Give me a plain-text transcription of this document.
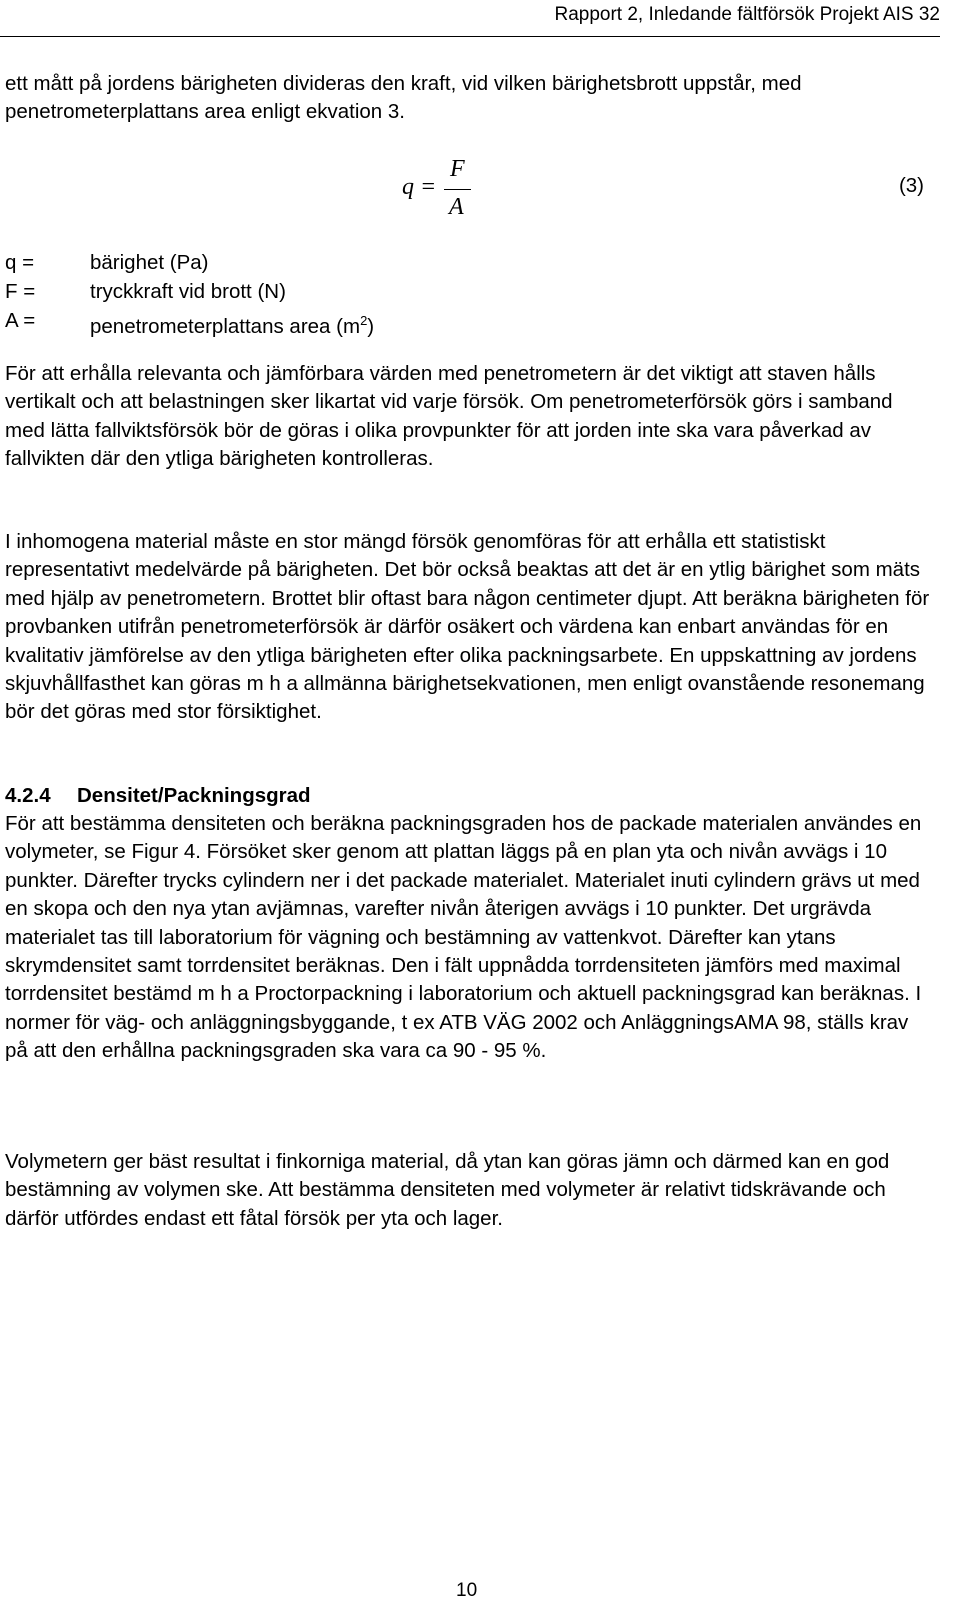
Rapport 2, Inledande fältförsök Projekt AIS 32

ett mått på jordens bärigheten divideras den kraft, vid vilken bärighetsbrott uppstår, med penetrometerplattans area enligt ekvation 3.

q =
F
A
(3)
q =	bärighet (Pa)
F =	tryckkraft vid brott (N)
A =	penetrometerplattans area $(m^2)$

För att erhålla relevanta och jämförbara värden med penetrometern är det viktigt att staven hålls vertikalt och att belastningen sker likartat vid varje försök. Om penetrometerförsök görs i samband med lätta fallviktsförsök bör de göras i olika provpunkter för att jorden inte ska vara påverkad av fallvikten där den ytliga bärigheten kontrolleras.

I inhomogena material måste en stor mängd försök genomföras för att erhålla ett statistiskt representativt medelvärde på bärigheten. Det bör också beaktas att det är en ytlig bärighet som mäts med hjälp av penetrometern. Brottet blir oftast bara någon centimeter djupt. Att beräkna bärigheten för provbanken utifrån penetrometerförsök är därför osäkert och värdena kan enbart användas för en kvalitativ jämförelse av den ytliga bärigheten efter olika packningsarbete. En uppskattning av jordens skjuvhållfasthet kan göras m h a allmänna bärighetsekvationen, men enligt ovanstående resonemang bör det göras med stor försiktighet.

4.2.4 Densitet/Packningsgrad

För att bestämma densiteten och beräkna packningsgraden hos de packade materialen användes en volymeter, se Figur 4. Försöket sker genom att plattan läggs på en plan yta och nivån avvägs i 10 punkter. Därefter trycks cylindern ner i det packade materialet. Materialet inuti cylindern grävs ut med en skopa och den nya ytan avjämnas, varefter nivån återigen avvägs i 10 punkter. Det urgrävda materialet tas till laboratorium för vägning och bestämning av vattenkvot. Därefter kan ytans skrymdensitet samt torrdensitet beräknas. Den i fält uppnådda torrdensiteten jämförs med maximal torrdensitet bestämd m h a Proctorpackning i laboratorium och aktuell packningsgrad kan beräknas. I normer för väg- och anläggningsbyggande, t ex ATB VÄG 2002 och AnläggningsAMA 98, ställs krav på att den erhållna packningsgraden ska vara ca 90 - 95 %.

Volymetern ger bäst resultat i finkorniga material, då ytan kan göras jämn och därmed kan en god bestämning av volymen ske. Att bestämma densiteten med volymeter är relativt tidskrävande och därför utfördes endast ett fåtal försök per yta och lager.

10
